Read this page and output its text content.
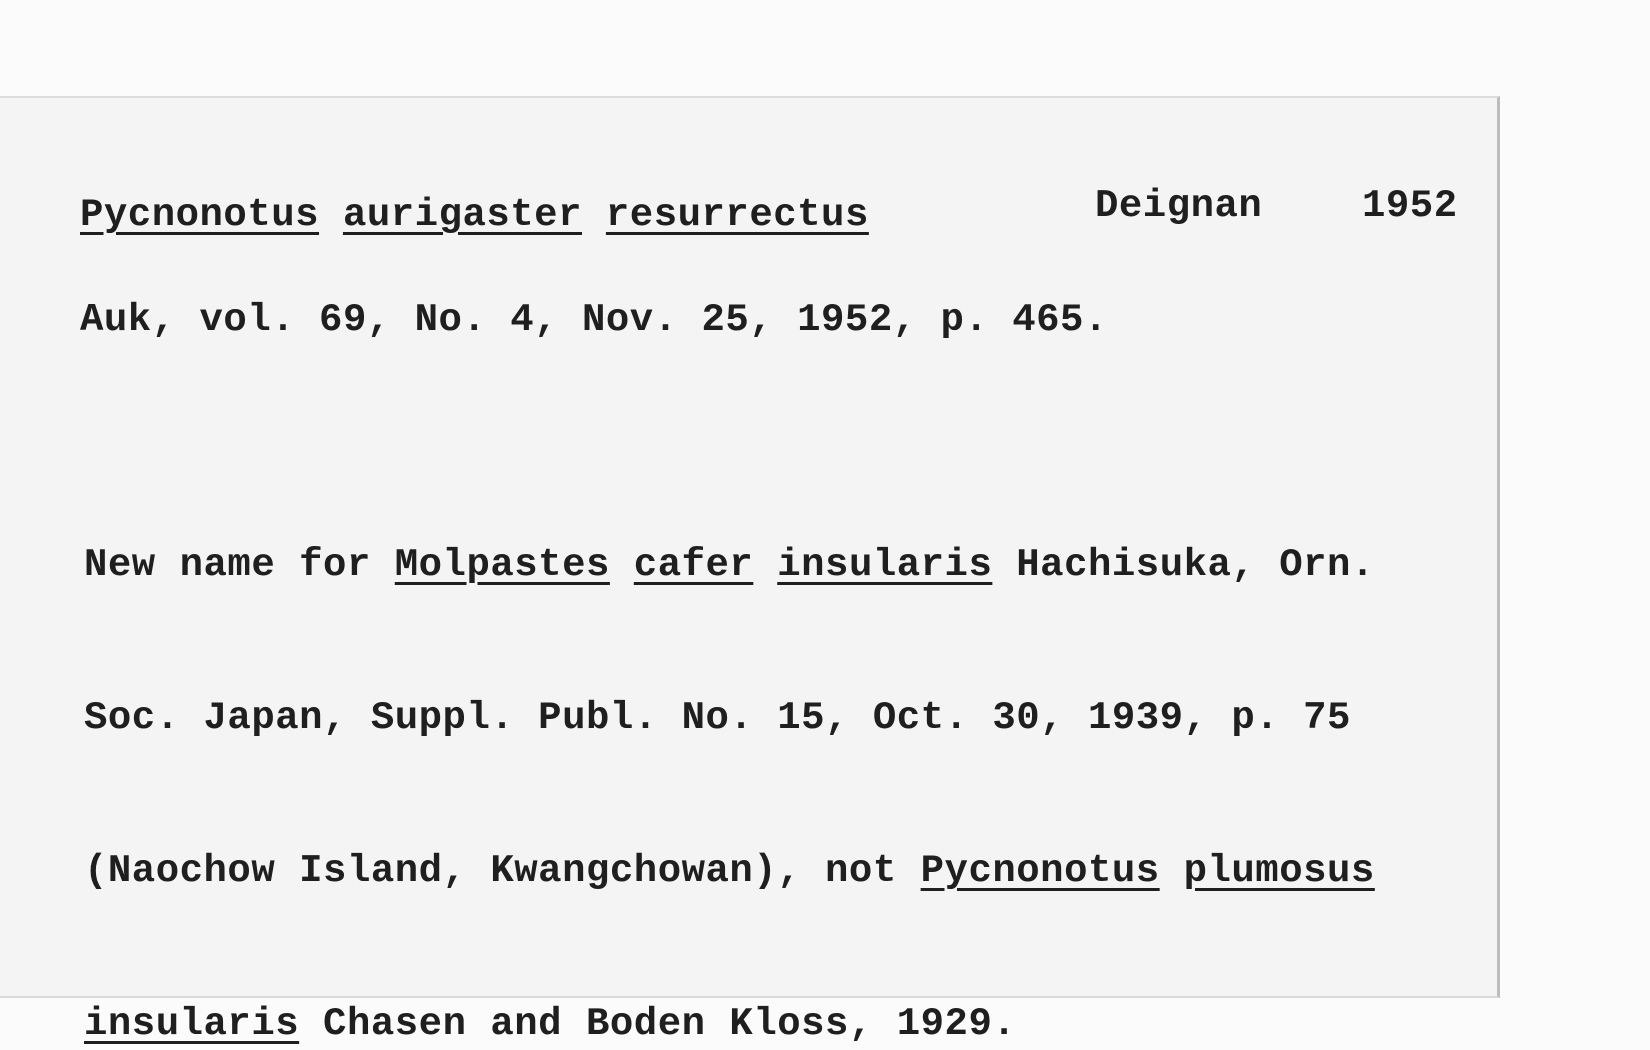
Pycnonotus aurigaster resurrectus	Deignan	1952
Auk, vol. 69, No. 4, Nov. 25, 1952, p. 465.

New name for Molpastes cafer insularis Hachisuka, Orn.

Soc. Japan, Suppl. Publ. No. 15, Oct. 30, 1939, p. 75

(Naochow Island, Kwangchowan), not Pycnonotus plumosus

insularis Chasen and Boden Kloss, 1929.
